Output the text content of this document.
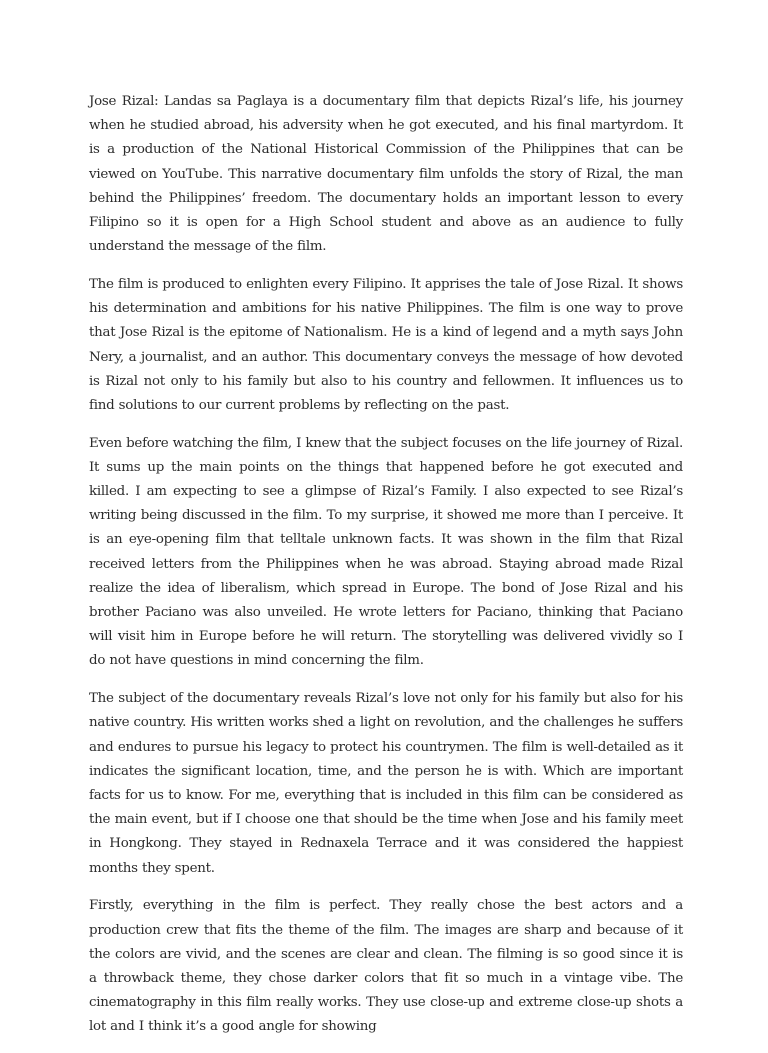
Jose Rizal: Landas sa Paglaya is a documentary film that depicts Rizal’s life, his journey when he studied abroad, his adversity when he got executed, and his final martyrdom. It is a production of the National Historical Commission of the Philippines that can be viewed on YouTube. This narrative documentary film unfolds the story of Rizal, the man behind the Philippines’ freedom. The documentary holds an important lesson to every Filipino so it is open for a High School student and above as an audience to fully understand the message of the film.

The film is produced to enlighten every Filipino. It apprises the tale of Jose Rizal. It shows his determination and ambitions for his native Philippines. The film is one way to prove that Jose Rizal is the epitome of Nationalism. He is a kind of legend and a myth says John Nery, a journalist, and an author. This documentary conveys the message of how devoted is Rizal not only to his family but also to his country and fellowmen. It influences us to find solutions to our current problems by reflecting on the past.

Even before watching the film, I knew that the subject focuses on the life journey of Rizal. It sums up the main points on the things that happened before he got executed and killed. I am expecting to see a glimpse of Rizal’s Family. I also expected to see Rizal’s writing being discussed in the film. To my surprise, it showed me more than I perceive. It is an eye-opening film that telltale unknown facts. It was shown in the film that Rizal received letters from the Philippines when he was abroad. Staying abroad made Rizal realize the idea of liberalism, which spread in Europe. The bond of Jose Rizal and his brother Paciano was also unveiled. He wrote letters for Paciano, thinking that Paciano will visit him in Europe before he will return. The storytelling was delivered vividly so I do not have questions in mind concerning the film.

The subject of the documentary reveals Rizal’s love not only for his family but also for his native country. His written works shed a light on revolution, and the challenges he suffers and endures to pursue his legacy to protect his countrymen. The film is well-detailed as it indicates the significant location, time, and the person he is with. Which are important facts for us to know. For me, everything that is included in this film can be considered as the main event, but if I choose one that should be the time when Jose and his family meet in Hongkong. They stayed in Rednaxela Terrace and it was considered the happiest months they spent.

Firstly, everything in the film is perfect. They really chose the best actors and a production crew that fits the theme of the film. The images are sharp and because of it the colors are vivid, and the scenes are clear and clean. The filming is so good since it is a throwback theme, they chose darker colors that fit so much in a vintage vibe. The cinematography in this film really works. They use close-up and extreme close-up shots a lot and I think it’s a good angle for showing
